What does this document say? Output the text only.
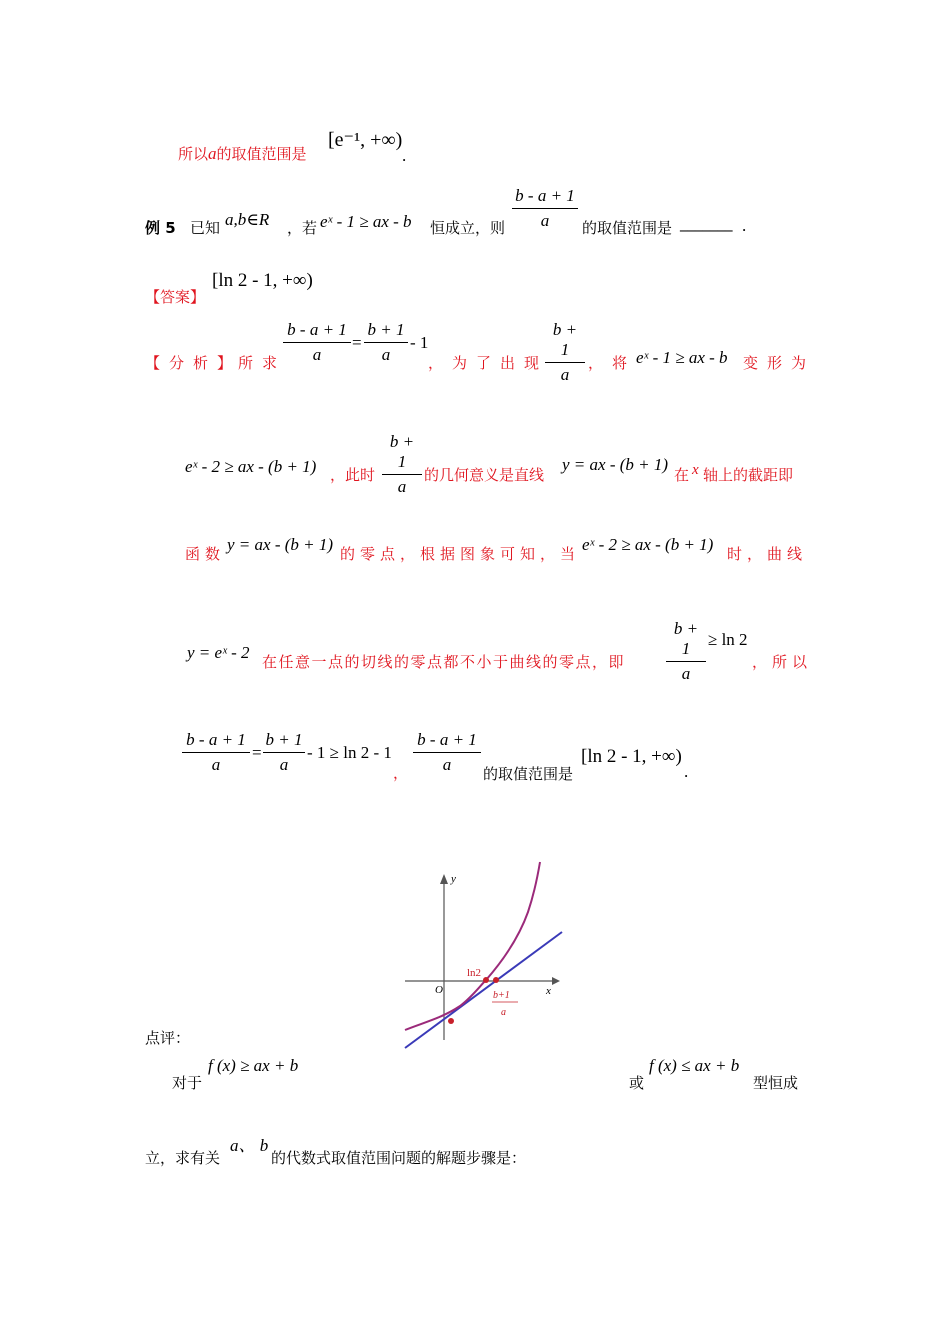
所以a的取值范围是
[e⁻¹, +∞)
.
例 5 已知 a,b∈R ，若 eˣ - 1 ≥ ax - b 恒成立，则 $\frac{b - a + 1}{a}$ 的取值范围是 _______ .
【答案】
[ln 2 - 1, +∞)
【分析】
所求
$\frac{b - a + 1}{a} = \frac{b + 1}{a} - 1$
，为了出现
$\frac{b + 1}{a}$ ，将 eˣ - 1 ≥ ax - b 变形为
eˣ - 2 ≥ ax - (b + 1) ，此时 $\frac{b + 1}{a}$ 的几何意义是直线
y = ax - (b + 1)
在 x 轴上的截距即
函数 y = ax - (b + 1) 的零点，根据图象可知，当 eˣ - 2 ≥ ax - (b + 1) 时，曲线
y = eˣ - 2 在任意一点的切线的零点都不小于曲线的零点，即 $\frac{b + 1}{a} \ge \ln 2$
，所以
$\frac{b - a + 1}{a} = \frac{b + 1}{a} - 1 \ge \ln 2 - 1$
， $\frac{b - a + 1}{a}$ 的取值范围是
[ln 2 - 1, +∞)
.
y
x
O
ln2
b+1
a
点评：
对于
f (x) ≥ ax + b
或
f (x) ≤ ax + b
型恒成
立，求有关
a、 b
的代数式取值范围问题的解题步骤是：
